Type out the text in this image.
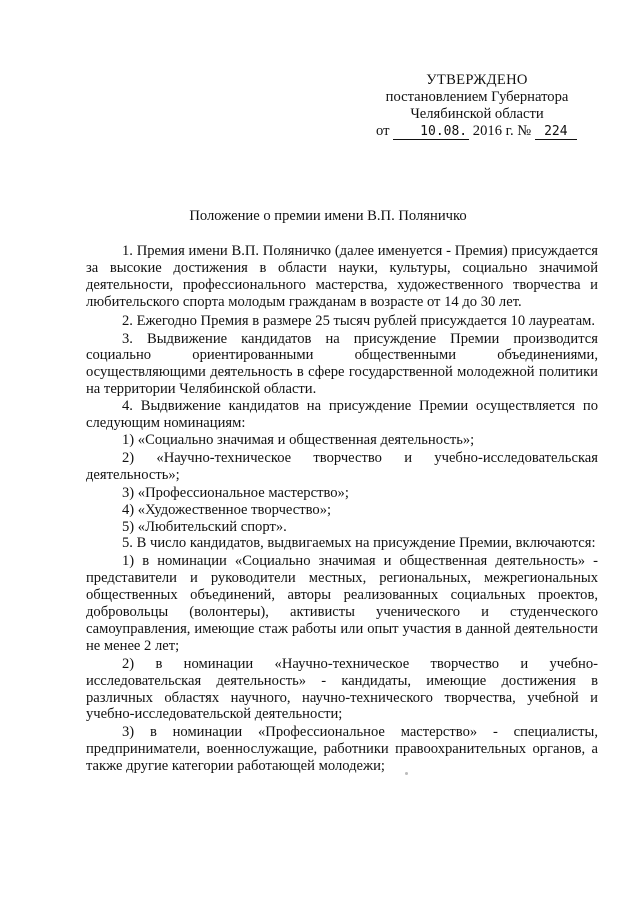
УТВЕРЖДЕНО
постановлением Губернатора
Челябинской области
от 10.08. 2016 г. № 224
Положение о премии имени В.П. Поляничко

1. Премия имени В.П. Поляничко (далее именуется - Премия) присуждается за высокие достижения в области науки, культуры, социально значимой деятельности, профессионального мастерства, художественного творчества и любительского спорта молодым гражданам в возрасте от 14 до 30 лет.

2. Ежегодно Премия в размере 25 тысяч рублей присуждается 10 лауреатам.

3. Выдвижение кандидатов на присуждение Премии производится социально ориентированными общественными объединениями, осуществляющими деятельность в сфере государственной молодежной политики на территории Челябинской области.

4. Выдвижение кандидатов на присуждение Премии осуществляется по следующим номинациям:

1) «Социально значимая и общественная деятельность»;

2) «Научно-техническое творчество и учебно-исследовательская деятельность»;

3) «Профессиональное мастерство»;

4) «Художественное творчество»;

5) «Любительский спорт».

5. В число кандидатов, выдвигаемых на присуждение Премии, включаются:

1) в номинации «Социально значимая и общественная деятельность» - представители и руководители местных, региональных, межрегиональных общественных объединений, авторы реализованных социальных проектов, добровольцы (волонтеры), активисты ученического и студенческого самоуправления, имеющие стаж работы или опыт участия в данной деятельности не менее 2 лет;

2) в номинации «Научно-техническое творчество и учебно-исследовательская деятельность» - кандидаты, имеющие достижения в различных областях научного, научно-технического творчества, учебной и учебно-исследовательской деятельности;

3) в номинации «Профессиональное мастерство» - специалисты, предприниматели, военнослужащие, работники правоохранительных органов, а также другие категории работающей молодежи;
